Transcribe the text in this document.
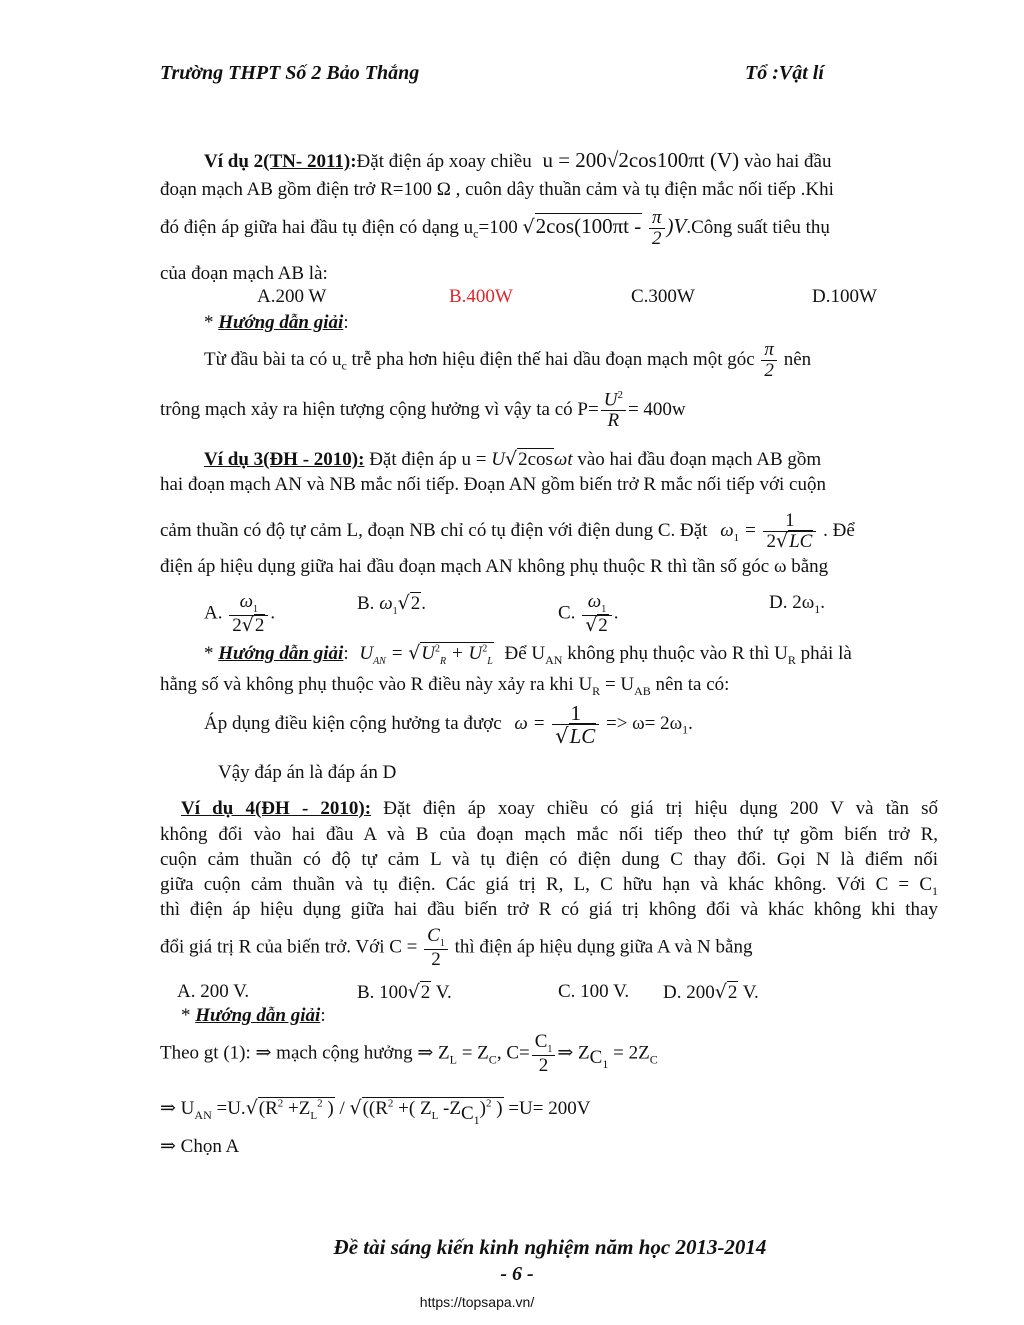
Trường THPT Số 2 Bảo Thắng	Tổ :Vật lí
Ví dụ 2(TN- 2011):Đặt điện áp xoay chiều u = 200√2cos100πt (V) vào hai đầu
đoạn mạch AB gồm điện trở R=100 Ω , cuôn dây thuần cảm và tụ điện mắc nối tiếp .Khi
đó điện áp giữa hai đầu tụ điện có dạng $u_c=100$ $√2\cos(100\pi t - \frac{\pi}{2}$ )V.Công suất tiêu thụ
của đoạn mạch AB là:
A.200 W	B.400W	C.300W	D.100W
* Hướng dẫn giải:
Từ đầu bài ta có $u_c$ trễ pha hơn hiệu điện thế hai dầu đoạn mạch một góc $\frac{\pi}{2}$ nên
trông mạch xảy ra hiện tượng cộng hưởng vì vậy ta có $P= \frac{U^2}{R} = 400w$
Ví dụ 3(ĐH - 2010): Đặt điện áp u = U√2cosωt vào hai đầu đoạn mạch AB gồm
hai đoạn mạch AN và NB mắc nối tiếp. Đoạn AN gồm biến trở R mắc nối tiếp với cuộn
cảm thuần có độ tự cảm L, đoạn NB chỉ có tụ điện với điện dung C. Đặt $\omega_1 = \frac{1}{2√LC}$ . Để
điện áp hiệu dụng giữa hai đầu đoạn mạch AN không phụ thuộc R thì tần số góc ω bằng
A. $\frac{\omega_1}{2√2}$ .	B. $\omega_1√2$.	C. $\frac{\omega_1}{√2}$ .	D. $2\omega_1$.
* Hướng dẫn giải: $U_{AN} = √U^2_R + U^2_L$ Để $U_{AN}$ không phụ thuộc vào R thì $U_R$ phải là
hằng số và không phụ thuộc vào R điều này xảy ra khi $U_R = U_{AB}$ nên ta có:
Áp dụng điều kiện cộng hưởng ta được $\omega = \frac{1}{√LC} => \omega= 2\omega_1$.
Vậy đáp án là đáp án D
Ví dụ 4(ĐH - 2010): Đặt điện áp xoay chiều có giá trị hiệu dụng 200 V và tần số
không đổi vào hai đầu A và B của đoạn mạch mắc nối tiếp theo thứ tự gồm biến trở R,
cuộn cảm thuần có độ tự cảm L và tụ điện có điện dung C thay đổi. Gọi N là điểm nối
giữa cuộn cảm thuần và tụ điện. Các giá trị R, L, C hữu hạn và khác không. Với $C = C_1$
thì điện áp hiệu dụng giữa hai đầu biến trở R có giá trị không đổi và khác không khi thay
đổi giá trị R của biến trở. Với $C = \frac{C_1}{2}$ thì điện áp hiệu dụng giữa A và N bằng
A. 200 V.	B. 100√2 V.	C. 100 V. D. 200√2 V.
* Hướng dẫn giải:
Theo gt (1): ⇒ mạch cộng hưởng ⇒ $Z_L = Z_C$, $C= \frac{C_1}{2}$ ⇒ $Z_{C_1} = 2Z_C$
⇒ $U_{AN} =U.√(R^2 +Z_L^2$ ) / $√((R^2$ +( $Z_L$ $-Z_{C_1})^2$ ) =U= 200V
⇒ Chọn A
Đề tài sáng kiến kinh nghiệm năm học 2013-2014
- 6 -
https://topsapa.vn/
